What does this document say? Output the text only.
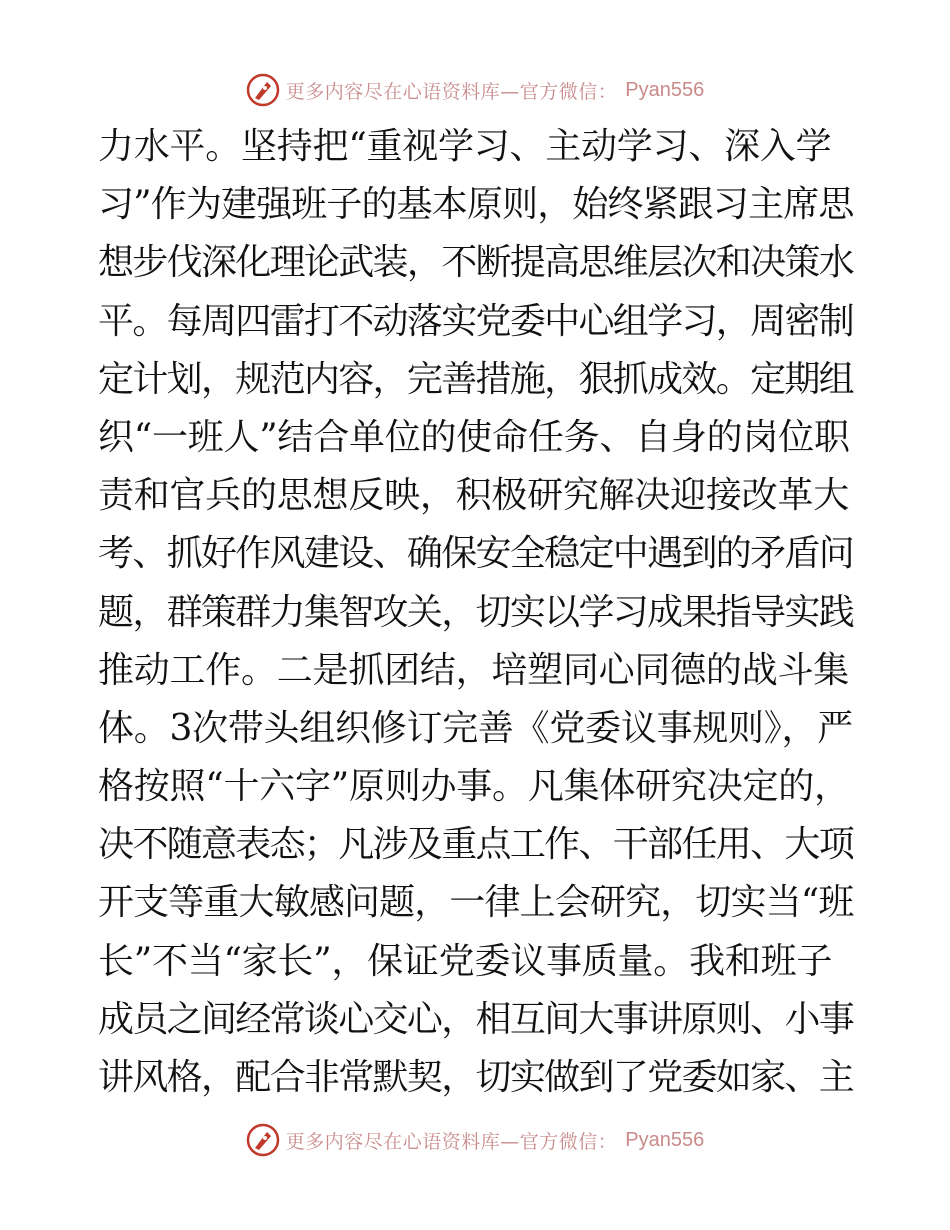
更多内容尽在心语资料库—官方微信： Pyan556
力水平。坚持把“重视学习、主动学习、深入学
习”作为建强班子的基本原则，始终紧跟习主席思
想步伐深化理论武装，不断提高思维层次和决策水
平。每周四雷打不动落实党委中心组学习，周密制
定计划，规范内容，完善措施，狠抓成效。定期组
织“一班人”结合单位的使命任务、自身的岗位职
责和官兵的思想反映，积极研究解决迎接改革大
考、抓好作风建设、确保安全稳定中遇到的矛盾问
题，群策群力集智攻关，切实以学习成果指导实践
推动工作。二是抓团结，培塑同心同德的战斗集
体。3次带头组织修订完善《党委议事规则》，严
格按照“十六字”原则办事。凡集体研究决定的，
决不随意表态；凡涉及重点工作、干部任用、大项
开支等重大敏感问题，一律上会研究，切实当“班
长”不当“家长”，保证党委议事质量。我和班子
成员之间经常谈心交心，相互间大事讲原则、小事
讲风格，配合非常默契，切实做到了党委如家、主
更多内容尽在心语资料库—官方微信： Pyan556
